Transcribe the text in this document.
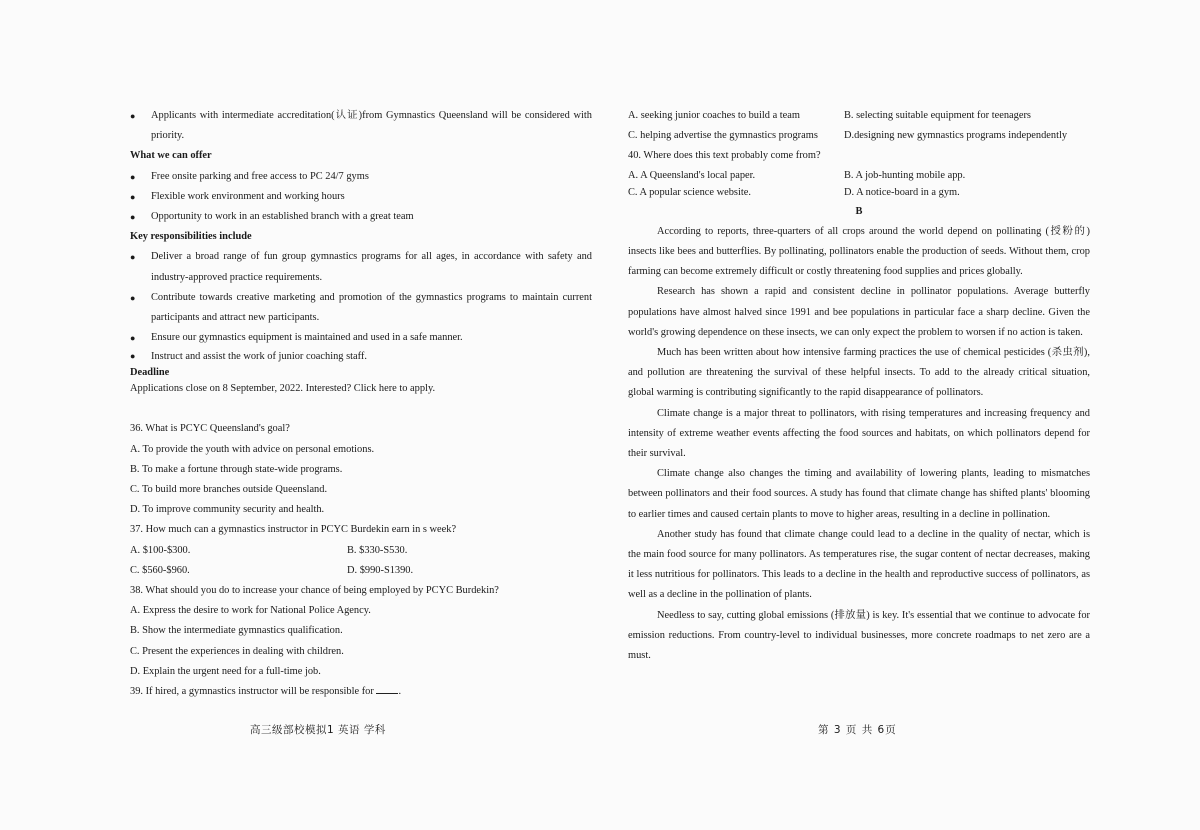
● Applicants with intermediate accreditation(认证)from Gymnastics Queensland will be considered with priority.
What we can offer
● Free onsite parking and free access to PC 24/7 gyms
● Flexible work environment and working hours
● Opportunity to work in an established branch with a great team
Key responsibilities include
● Deliver a broad range of fun group gymnastics programs for all ages, in accordance with safety and industry-approved practice requirements.
● Contribute towards creative marketing and promotion of the gymnastics programs to maintain current participants and attract new participants.
● Ensure our gymnastics equipment is maintained and used in a safe manner.
● Instruct and assist the work of junior coaching staff.
Deadline
Applications close on 8 September, 2022. Interested? Click here to apply.
36. What is PCYC Queensland's goal?
A. To provide the youth with advice on personal emotions.
B. To make a fortune through state-wide programs.
C. To build more branches outside Queensland.
D. To improve community security and health.
37. How much can a gymnastics instructor in PCYC Burdekin earn in s week?
A. $100-$300.	B. $330-S530.
C. $560-$960.	D. $990-S1390.
38. What should you do to increase your chance of being employed by PCYC Burdekin?
A. Express the desire to work for National Police Agency.
B. Show the intermediate gymnastics qualification.
C. Present the experiences in dealing with children.
D. Explain the urgent need for a full-time job.
39. If hired, a gymnastics instructor will be responsible for .
A. seeking junior coaches to build a team	B. selecting suitable equipment for teenagers
C. helping advertise the gymnastics programs	D.designing new gymnastics programs independently
40. Where does this text probably come from?
A. A Queensland's local paper.	B. A job-hunting mobile app.
C. A popular science website.	D. A notice-board in a gym.
B
According to reports, three-quarters of all crops around the world depend on pollinating (授粉的) insects like bees and butterflies. By pollinating, pollinators enable the production of seeds. Without them, crop farming can become extremely difficult or costly threatening food supplies and prices globally.
Research has shown a rapid and consistent decline in pollinator populations. Average butterfly populations have almost halved since 1991 and bee populations in particular face a sharp decline. Given the world's growing dependence on these insects, we can only expect the problem to worsen if no action is taken.
Much has been written about how intensive farming practices the use of chemical pesticides (杀虫剂), and pollution are threatening the survival of these helpful insects. To add to the already critical situation, global warming is contributing significantly to the rapid disappearance of pollinators.
Climate change is a major threat to pollinators, with rising temperatures and increasing frequency and intensity of extreme weather events affecting the food sources and habitats, on which pollinators depend for their survival.
Climate change also changes the timing and availability of lowering plants, leading to mismatches between pollinators and their food sources. A study has found that climate change has shifted plants' blooming to earlier times and caused certain plants to move to higher areas, resulting in a decline in pollination.
Another study has found that climate change could lead to a decline in the quality of nectar, which is the main food source for many pollinators. As temperatures rise, the sugar content of nectar decreases, making it less nutritious for pollinators. This leads to a decline in the health and reproductive success of pollinators, as well as a decline in the pollination of plants.
Needless to say, cutting global emissions (排放量) is key. It's essential that we continue to advocate for emission reductions. From country-level to individual businesses, more concrete roadmaps to net zero are a must.
高三级部校模拟1 英语 学科	第 3 页 共 6页
